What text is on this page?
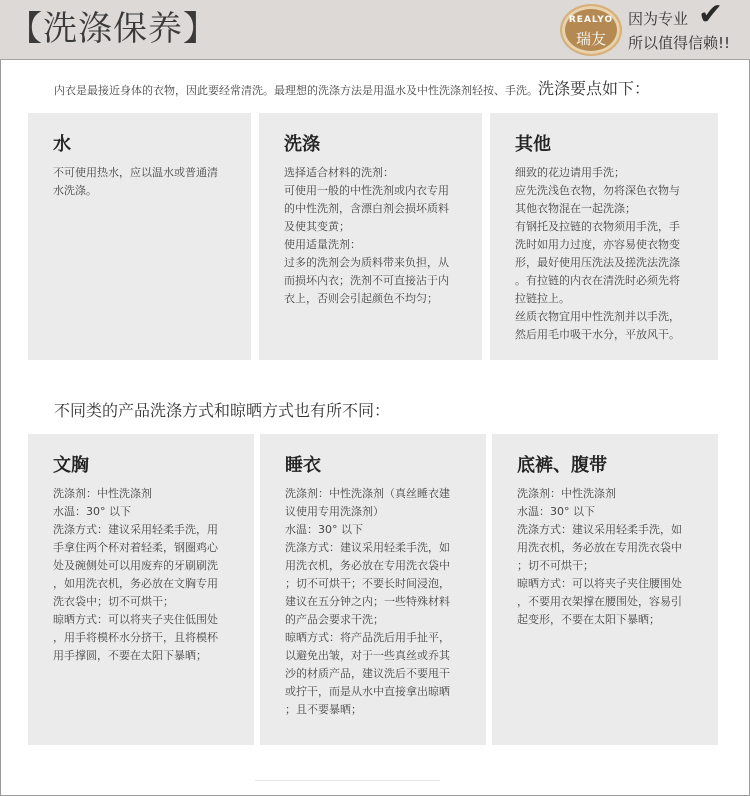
【洗涤保养】	REALYO
瑞友
因为专业 ✔
所以值得信赖!!
内衣是最接近身体的衣物，因此要经常清洗。最理想的洗涤方法是用温水及中性洗涤剂轻按、手洗。洗涤要点如下：
水
不可使用热水，应以温水或普通清
水洗涤。
洗涤
选择适合材料的洗剂：
可使用一般的中性洗剂或内衣专用
的中性洗剂，含漂白剂会损坏质料
及使其变黄；
使用适量洗剂：
过多的洗剂会为质料带来负担，从
而损坏内衣；洗剂不可直接沾于内
衣上，否则会引起颜色不均匀；
其他
细致的花边请用手洗；
应先洗浅色衣物，勿将深色衣物与
其他衣物混在一起洗涤；
有钢托及拉链的衣物须用手洗，手
洗时如用力过度，亦容易使衣物变
形，最好使用压洗法及搓洗法洗涤
。有拉链的内衣在清洗时必须先将
拉链拉上。
丝质衣物宜用中性洗剂并以手洗，
然后用毛巾吸干水分，平放风干。
不同类的产品洗涤方式和晾晒方式也有所不同：
文胸
洗涤剂：中性洗涤剂
水温：30° 以下
洗涤方式：建议采用轻柔手洗，用
手拿住两个杯对着轻柔，钢圈鸡心
处及碗侧处可以用废弃的牙刷刷洗
，如用洗衣机，务必放在文胸专用
洗衣袋中；切不可烘干；
晾晒方式：可以将夹子夹住低围处
，用手将模杯水分挤干，且将模杯
用手撑圆，不要在太阳下暴晒；
睡衣
洗涤剂：中性洗涤剂（真丝睡衣建
议使用专用洗涤剂）
水温：30° 以下
洗涤方式：建议采用轻柔手洗，如
用洗衣机，务必放在专用洗衣袋中
；切不可烘干；不要长时间浸泡，
建议在五分钟之内；一些特殊材料
的产品会要求干洗；
晾晒方式：将产品洗后用手扯平，
以避免出皱，对于一些真丝或乔其
沙的材质产品，建议洗后不要甩干
或拧干，而是从水中直接拿出晾晒
；且不要暴晒；
底裤、腹带
洗涤剂：中性洗涤剂
水温：30° 以下
洗涤方式：建议采用轻柔手洗，如
用洗衣机，务必放在专用洗衣袋中
；切不可烘干；
晾晒方式：可以将夹子夹住腰围处
，不要用衣架撑在腰围处，容易引
起变形，不要在太阳下暴晒；
